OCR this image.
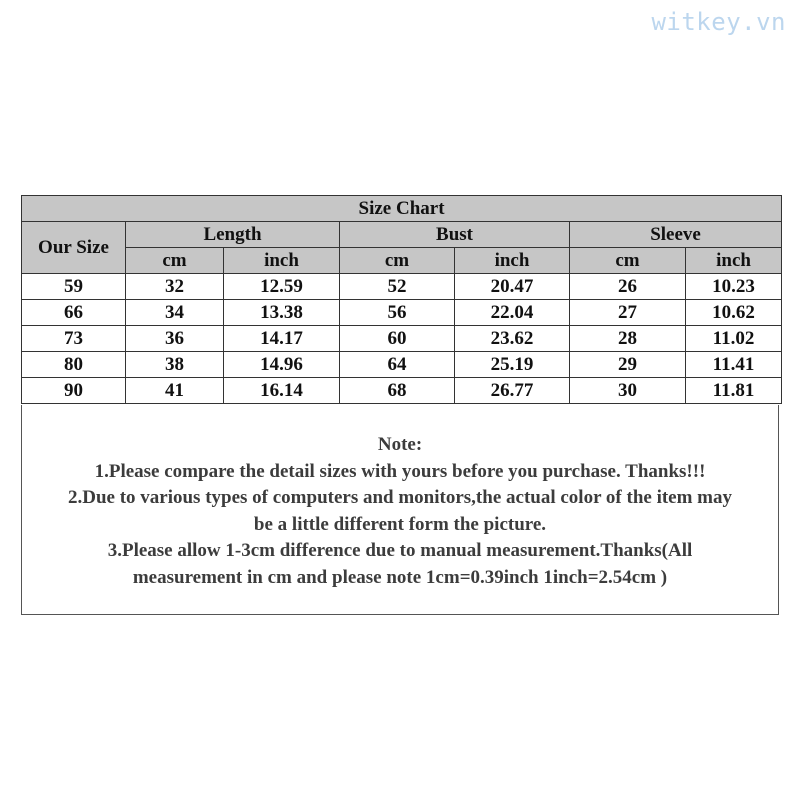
witkey.vn
Size Chart						
Our Size	Length		Bust		Sleeve	
	cm	inch	cm	inch	cm	inch
59	32	12.59	52	20.47	26	10.23
66	34	13.38	56	22.04	27	10.62
73	36	14.17	60	23.62	28	11.02
80	38	14.96	64	25.19	29	11.41
90	41	16.14	68	26.77	30	11.81
Note:
1.Please compare the detail sizes with yours before you purchase. Thanks!!!
2.Due to various types of computers and monitors,the actual color of the item may
be a little different form the picture.
3.Please allow 1-3cm difference due to manual measurement.Thanks(All
measurement in cm and please note 1cm=0.39inch 1inch=2.54cm )
